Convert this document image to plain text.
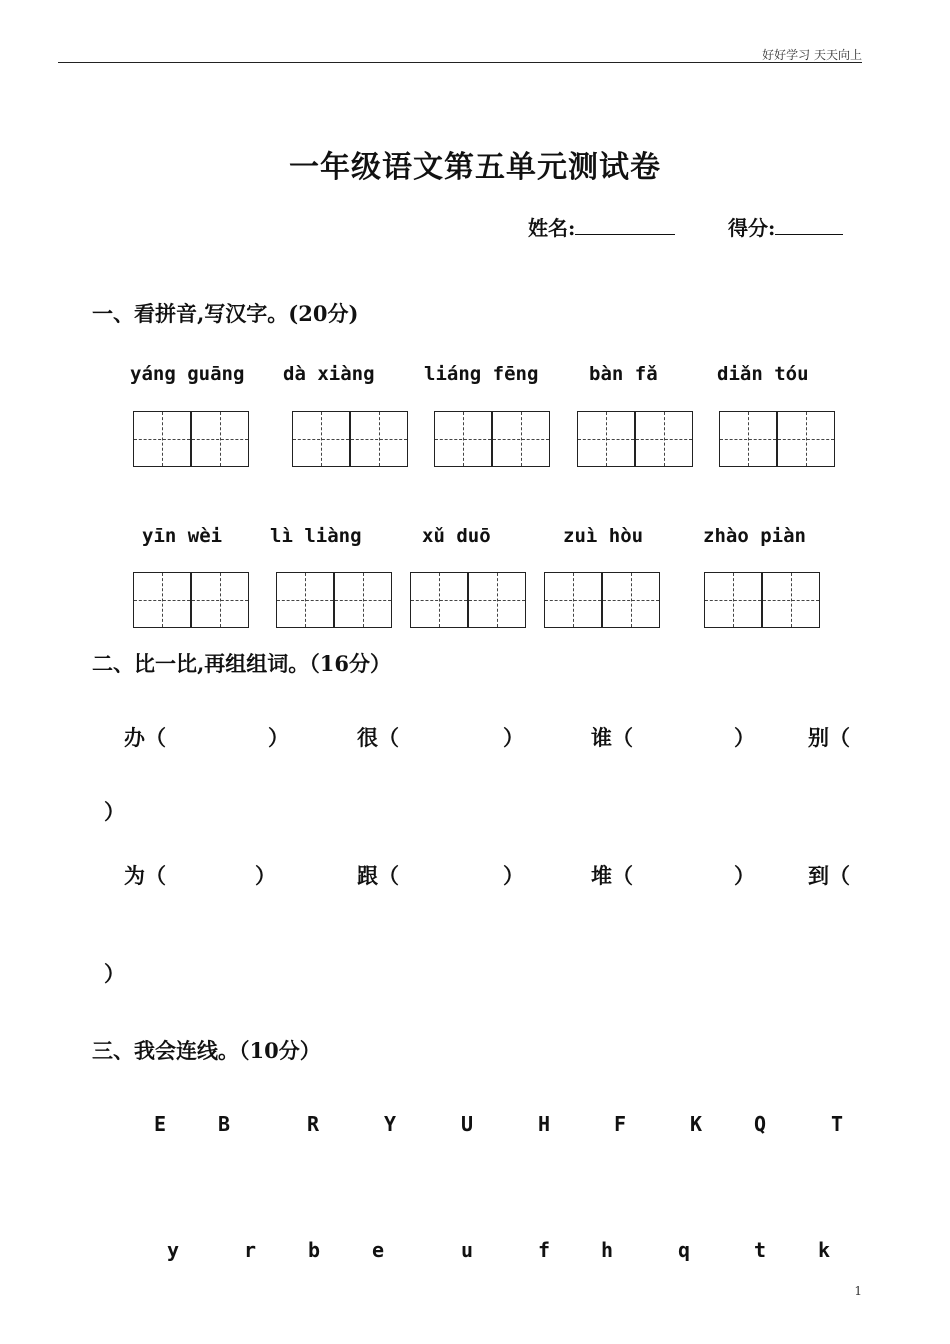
好好学习 天天向上
一年级语文第五单元测试卷
姓名:	得分:
一、看拼音,写汉字。(20分)
yáng guāng dà xiàng	liáng fēng	bàn fǎ	diǎn tóu
yīn wèi	lì liàng	xǔ duō	zuì hòu	zhào piàn
二、比一比,再组组词。（16分）
办（	）	很（	）	谁（	）	别（
）
为（	）	跟（	）	堆（	）	到（
）
三、我会连线。（10分）
E	B	R	Y	U	H	F	K	Q	T
y	r	b	e	u	f	h	q	t	k
1
